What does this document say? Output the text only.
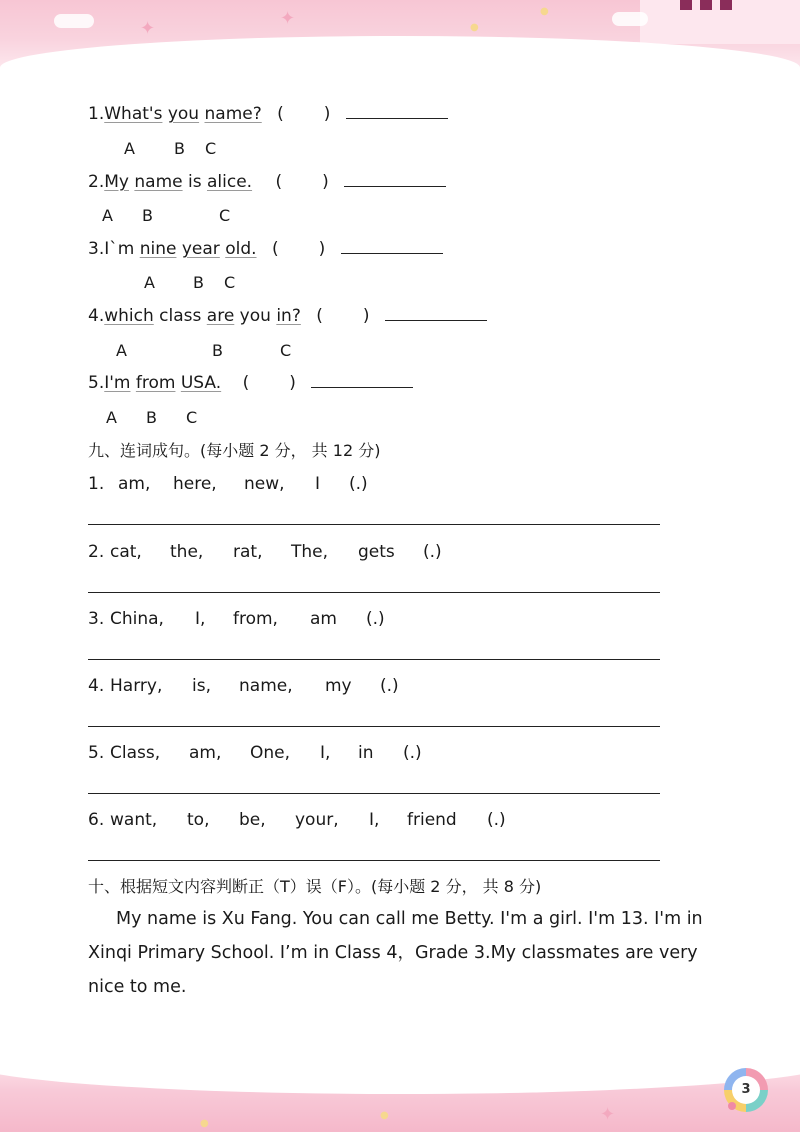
✦	✦	●
●
1.What's you name? ( )
A B C
2.My name is alice. ( )
A B	C
3.I`m nine year old. ( )
A B C
4.which class are you in? ( )
A	B	C
5.I'm from USA. ( )
A B C
九、连词成句。(每小题 2 分， 共 12 分)
1. am, here, new, I (.)
2. cat, the, rat, The, gets (.)
3. China, I, from, am (.)
4. Harry, is, name, my (.)
5. Class, am, One, I, in (.)
6. want, to, be, your, I, friend (.)
十、根据短文内容判断正（T）误（F）。(每小题 2 分， 共 8 分)
My name is Xu Fang. You can call me Betty. I'm a girl. I'm 13. I'm in
Xinqi Primary School. I’m in Class 4，Grade 3.My classmates are very
nice to me.
●
●	✦
3
